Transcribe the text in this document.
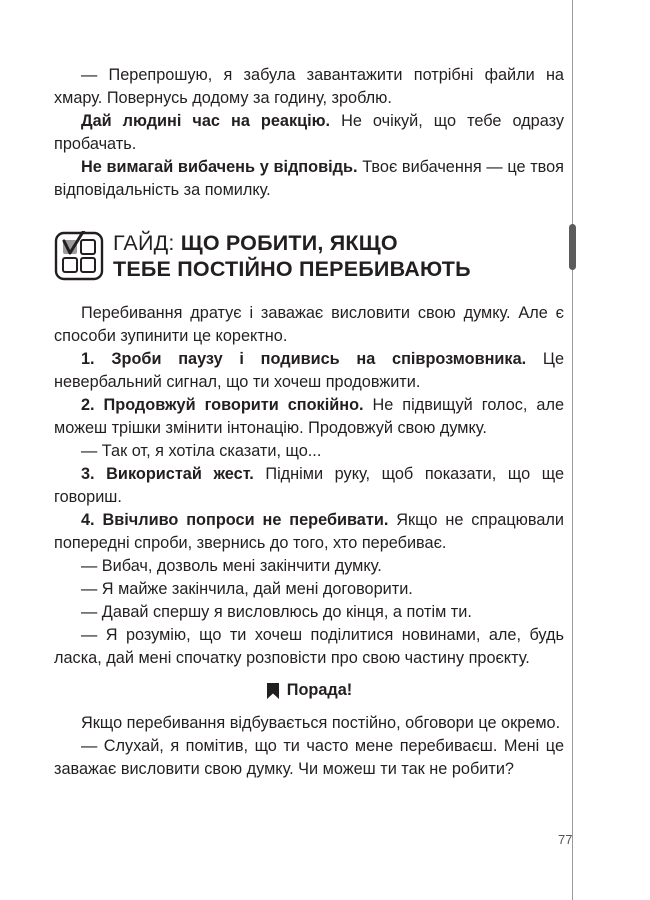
— Перепрошую, я забула завантажити потрібні файли на хмару. Повернусь додому за годину, зроблю.

Дай людині час на реакцію. Не очікуй, що тебе одразу пробачать.

Не вимагай вибачень у відповідь. Твоє вибачення — це твоя відповідальність за помилку.

ГАЙД: ЩО РОБИТИ, ЯКЩО
ТЕБЕ ПОСТІЙНО ПЕРЕБИВАЮТЬ

Перебивання дратує і заважає висловити свою думку. Але є способи зупинити це коректно.

1. Зроби паузу і подивись на співрозмовника. Це невербальний сигнал, що ти хочеш продовжити.

2. Продовжуй говорити спокійно. Не підвищуй голос, але можеш трішки змінити інтонацію. Продовжуй свою думку.

— Так от, я хотіла сказати, що...

3. Використай жест. Підніми руку, щоб показати, що ще говориш.

4. Ввічливо попроси не перебивати. Якщо не спрацювали попередні спроби, звернись до того, хто перебиває.

— Вибач, дозволь мені закінчити думку.

— Я майже закінчила, дай мені договорити.

— Давай спершу я висловлюсь до кінця, а потім ти.

— Я розумію, що ти хочеш поділитися новинами, але, будь ласка, дай мені спочатку розповісти про свою частину проєкту.

Порада!

Якщо перебивання відбувається постійно, обговори це окремо.

— Слухай, я помітив, що ти часто мене перебиваєш. Мені це заважає висловити свою думку. Чи можеш ти так не робити?

77
